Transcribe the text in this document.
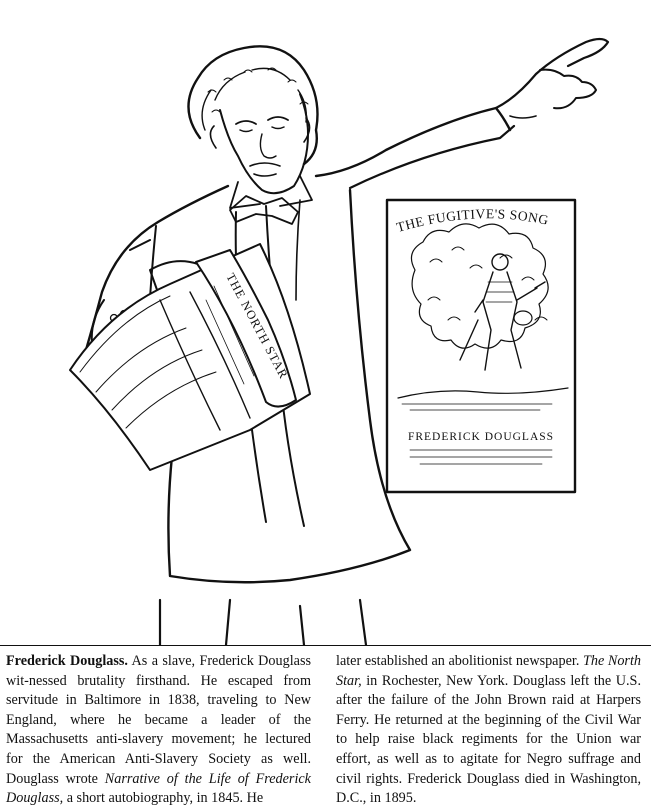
THE FUGITIVE'S SONG
FREDERICK DOUGLASS
THE NORTH STAR
Frederick Douglass. As a slave, Frederick Douglass wit-nessed brutality firsthand. He escaped from servitude in Baltimore in 1838, traveling to New England, where he became a leader of the Massachusetts anti-slavery movement; he lectured for the American Anti-Slavery Society as well. Douglass wrote Narrative of the Life of Frederick Douglass, a short autobiography, in 1845. He
later established an abolitionist newspaper. The North Star, in Rochester, New York. Douglass left the U.S. after the failure of the John Brown raid at Harpers Ferry. He returned at the beginning of the Civil War to help raise black regiments for the Union war effort, as well as to agitate for Negro suffrage and civil rights. Frederick Douglass died in Washington, D.C., in 1895.
